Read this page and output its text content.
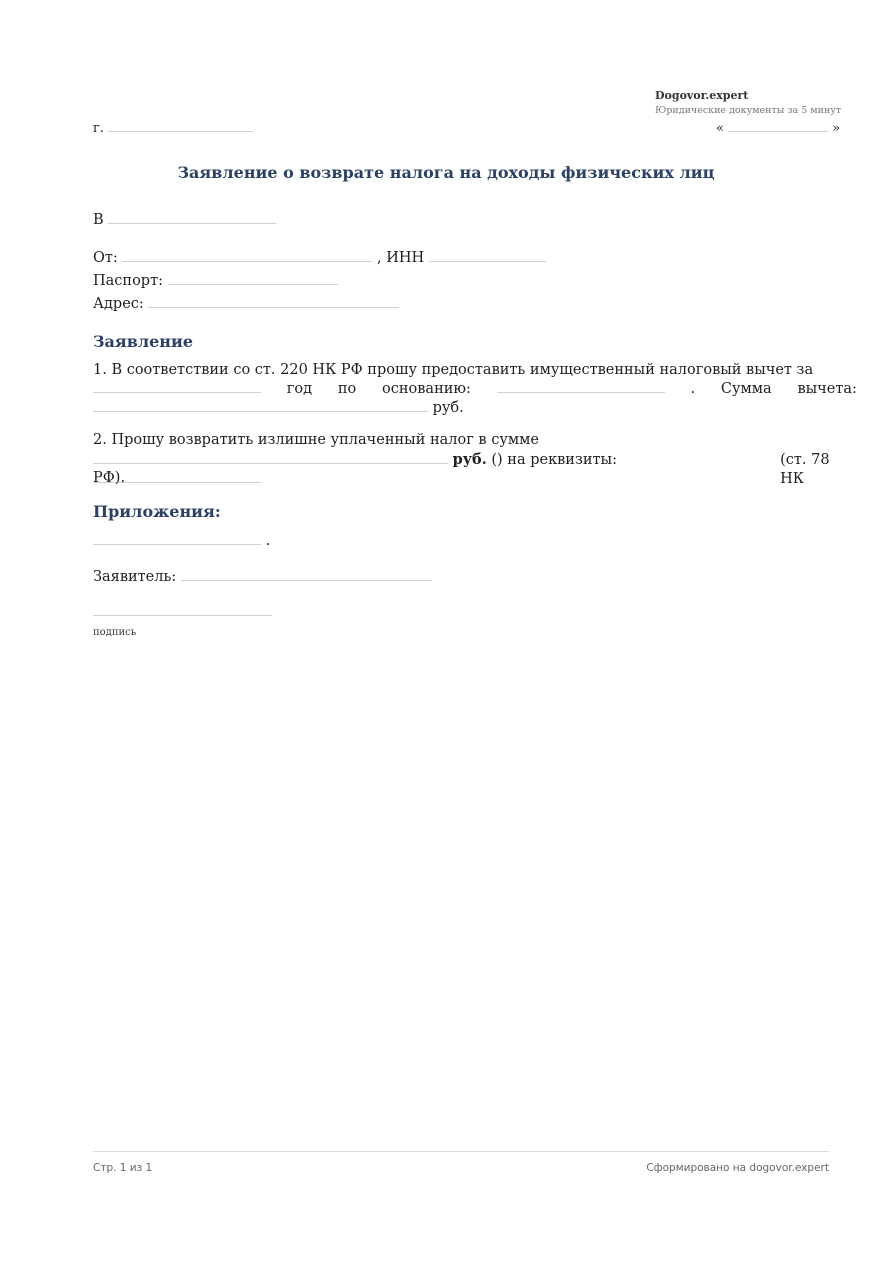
Dogovor.expert
Юридические документы за 5 минут
г.	«	»
Заявление о возврате налога на доходы физических лиц
В
От:	, ИНН
Паспорт:
Адрес:
Заявление
1. В соответствии со ст. 220 НК РФ прошу предоставить имущественный налоговый вычет за
год по основанию:	. Сумма вычета:
руб.
2. Прошу возвратить излишне уплаченный налог в сумме
руб. () на реквизиты:	(ст. 78 НК
РФ).
Приложения:
.
Заявитель:
подпись
Стр. 1 из 1	Сформировано на dogovor.expert
